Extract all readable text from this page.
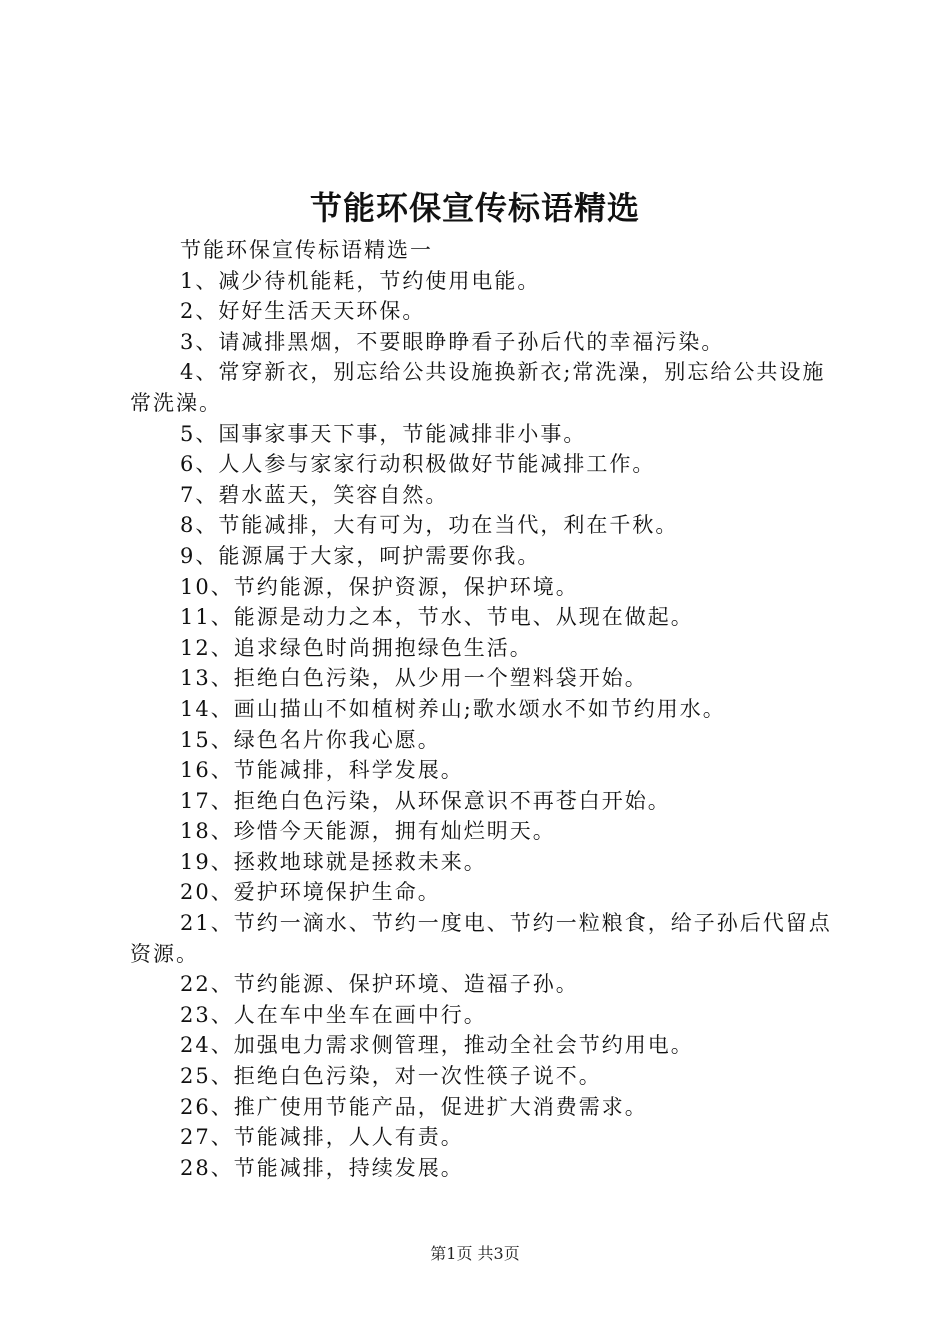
节能环保宣传标语精选

节能环保宣传标语精选一

1、减少待机能耗，节约使用电能。

2、好好生活天天环保。

3、请减排黑烟，不要眼睁睁看子孙后代的幸福污染。

4、常穿新衣，别忘给公共设施换新衣;常洗澡，别忘给公共设施常洗澡。

5、国事家事天下事，节能减排非小事。

6、人人参与家家行动积极做好节能减排工作。

7、碧水蓝天，笑容自然。

8、节能减排，大有可为，功在当代，利在千秋。

9、能源属于大家，呵护需要你我。

10、节约能源，保护资源，保护环境。

11、能源是动力之本，节水、节电、从现在做起。

12、追求绿色时尚拥抱绿色生活。

13、拒绝白色污染，从少用一个塑料袋开始。

14、画山描山不如植树养山;歌水颂水不如节约用水。

15、绿色名片你我心愿。

16、节能减排，科学发展。

17、拒绝白色污染，从环保意识不再苍白开始。

18、珍惜今天能源，拥有灿烂明天。

19、拯救地球就是拯救未来。

20、爱护环境保护生命。

21、节约一滴水、节约一度电、节约一粒粮食，给子孙后代留点资源。

22、节约能源、保护环境、造福子孙。

23、人在车中坐车在画中行。

24、加强电力需求侧管理，推动全社会节约用电。

25、拒绝白色污染，对一次性筷子说不。

26、推广使用节能产品，促进扩大消费需求。

27、节能减排，人人有责。

28、节能减排，持续发展。

第1页 共3页
